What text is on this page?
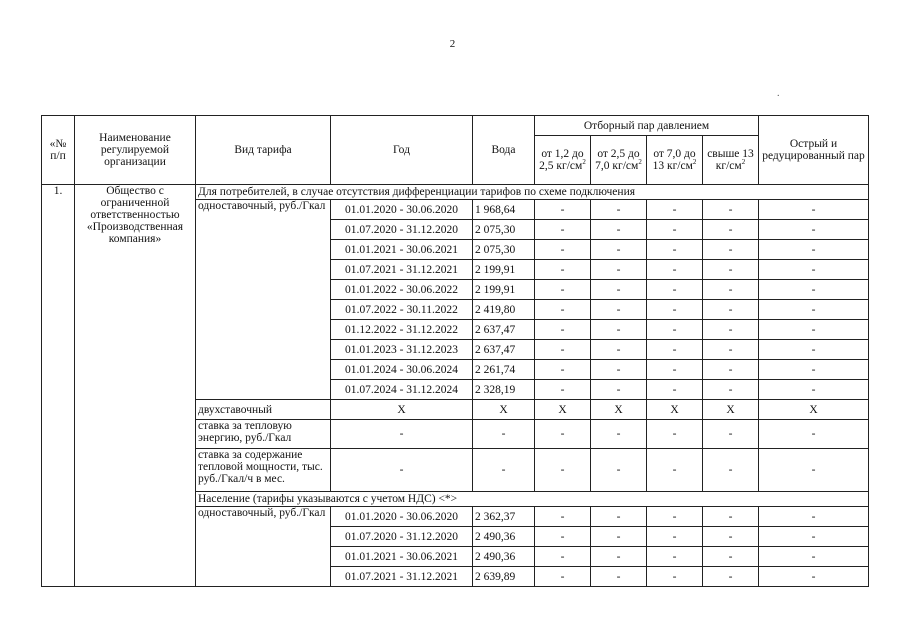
2
.
«№ п/п	Наименование регулируемой организации	Вид тарифа	Год	Вода	Отборный пар давлением				Острый и редуцированный пар
					от 1,2 до 2,5 $кг/см^2$	от 2,5 до 7,0 $кг/см^2$	от 7,0 до 13 $кг/см^2$	свыше 13 $кг/см^2$
1.	Общество с ограниченной ответственностью «Производственная компания»	Для потребителей, в случае отсутствия дифференциации тарифов по схеме подключения							
		одноставочный, руб./Гкал	01.01.2020 - 30.06.2020	1 968,64	-	-	-	-	-
			01.07.2020 - 31.12.2020	2 075,30	-	-	-	-	-
			01.01.2021 - 30.06.2021	2 075,30	-	-	-	-	-
			01.07.2021 - 31.12.2021	2 199,91	-	-	-	-	-
			01.01.2022 - 30.06.2022	2 199,91	-	-	-	-	-
			01.07.2022 - 30.11.2022	2 419,80	-	-	-	-	-
			01.12.2022 - 31.12.2022	2 637,47	-	-	-	-	-
			01.01.2023 - 31.12.2023	2 637,47	-	-	-	-	-
			01.01.2024 - 30.06.2024	2 261,74	-	-	-	-	-
			01.07.2024 - 31.12.2024	2 328,19	-	-	-	-	-
		двухставочный	X	X	X	X	X	X	X
		ставка за тепловую энергию, руб./Гкал	-	-	-	-	-	-	-
		ставка за содержание тепловой мощности, тыс. руб./Гкал/ч в мес.	-	-	-	-	-	-	-
		Население (тарифы указываются с учетом НДС) <*>							
		одноставочный, руб./Гкал	01.01.2020 - 30.06.2020	2 362,37	-	-	-	-	-
			01.07.2020 - 31.12.2020	2 490,36	-	-	-	-	-
			01.01.2021 - 30.06.2021	2 490,36	-	-	-	-	-
			01.07.2021 - 31.12.2021	2 639,89	-	-	-	-	-
